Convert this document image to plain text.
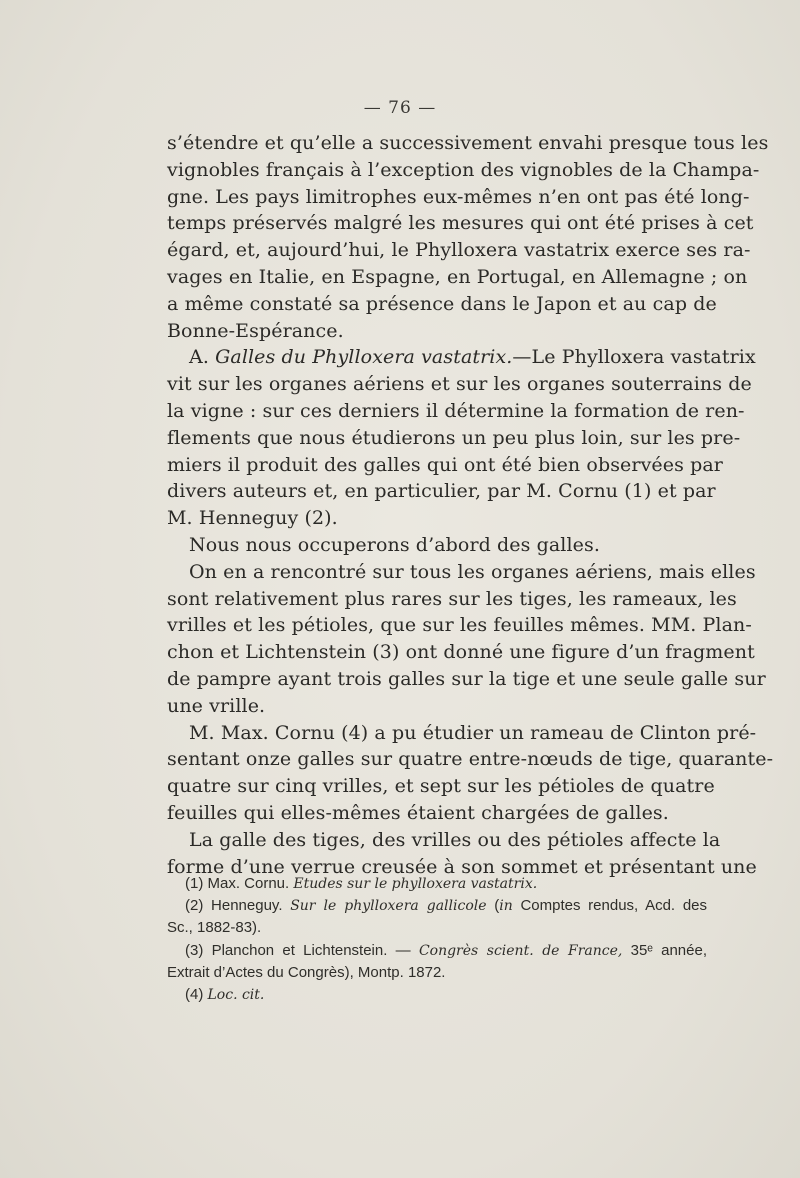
— 76 —
s’étendre et qu’elle a successivement envahi presque tous les
vignobles français à l’exception des vignobles de la Champa-
gne. Les pays limitrophes eux-mêmes n’en ont pas été long-
temps préservés malgré les mesures qui ont été prises à cet
égard, et, aujourd’hui, le Phylloxera vastatrix exerce ses ra-
vages en Italie, en Espagne, en Portugal, en Allemagne ; on
a même constaté sa présence dans le Japon et au cap de
Bonne-Espérance.
A. Galles du Phylloxera vastatrix.—Le Phylloxera vastatrix
vit sur les organes aériens et sur les organes souterrains de
la vigne : sur ces derniers il détermine la formation de ren-
flements que nous étudierons un peu plus loin, sur les pre-
miers il produit des galles qui ont été bien observées par
divers auteurs et, en particulier, par M. Cornu (1) et par
M. Henneguy (2).
Nous nous occuperons d’abord des galles.
On en a rencontré sur tous les organes aériens, mais elles
sont relativement plus rares sur les tiges, les rameaux, les
vrilles et les pétioles, que sur les feuilles mêmes. MM. Plan-
chon et Lichtenstein (3) ont donné une figure d’un fragment
de pampre ayant trois galles sur la tige et une seule galle sur
une vrille.
M. Max. Cornu (4) a pu étudier un rameau de Clinton pré-
sentant onze galles sur quatre entre-nœuds de tige, quarante-
quatre sur cinq vrilles, et sept sur les pétioles de quatre
feuilles qui elles-mêmes étaient chargées de galles.
La galle des tiges, des vrilles ou des pétioles affecte la
forme d’une verrue creusée à son sommet et présentant une
(1) Max. Cornu. Etudes sur le phylloxera vastatrix.
(2) Henneguy. Sur le phylloxera gallicole (in Comptes rendus, Acd. des
Sc., 1882-83).
(3) Planchon et Lichtenstein. — Congrès scient. de France, 35ᵉ année,
Extrait d’Actes du Congrès), Montp. 1872.
(4) Loc. cit.
